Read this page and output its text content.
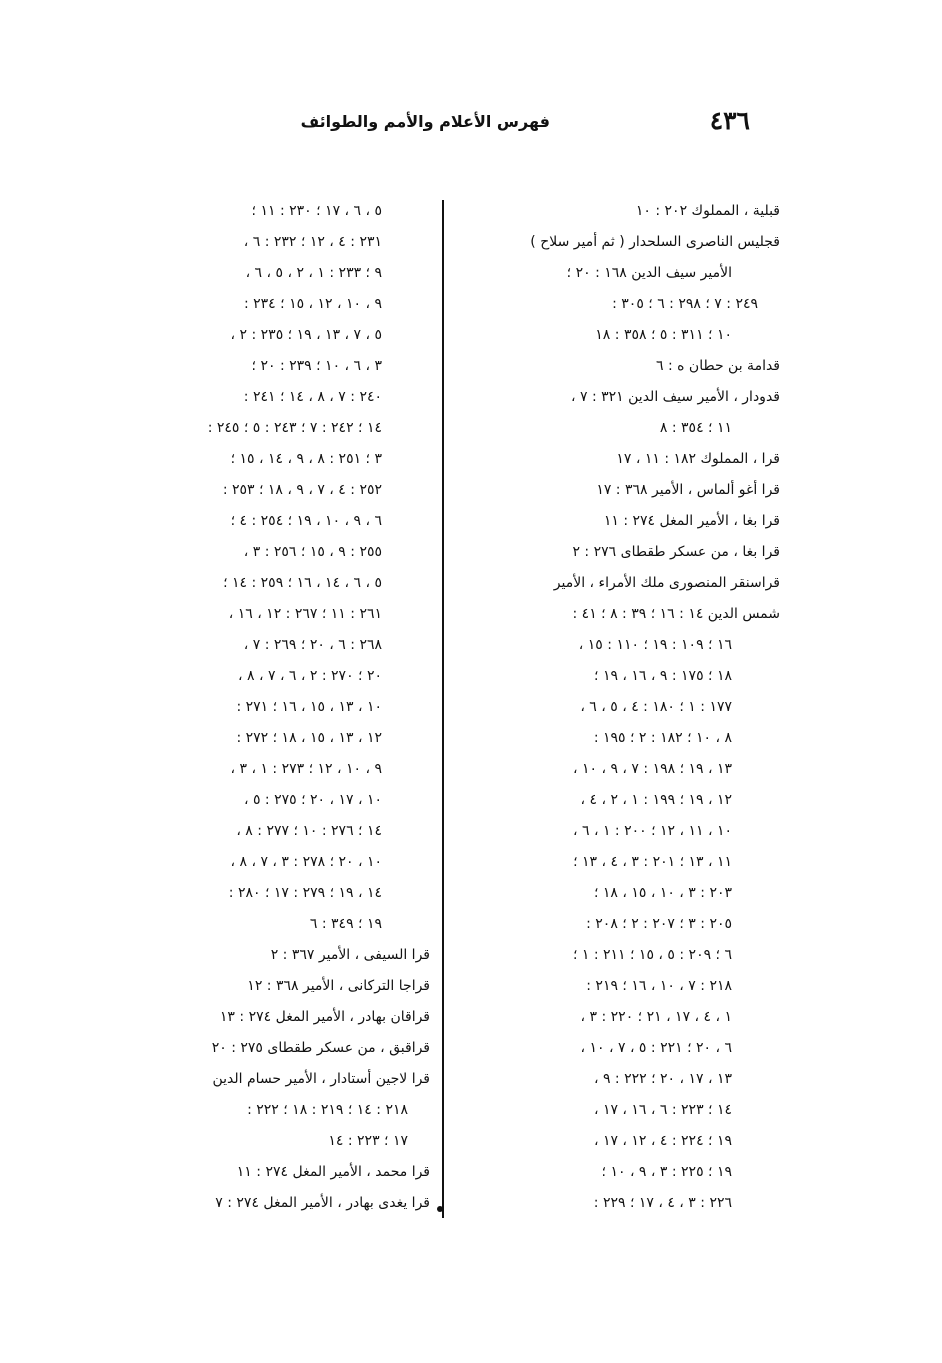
٤٣٦
فهرس الأعلام والأمم والطوائف
قبلية ، المملوك ٢٠٢ : ١٠
قجليس الناصرى السلحدار ( ثم أمير سلاح )
الأمير سيف الدين ١٦٨ : ٢٠ ؛
٢٤٩ : ٧ ؛ ٢٩٨ : ٦ ؛ ٣٠٥ :
١٠ ؛ ٣١١ : ٥ ؛ ٣٥٨ : ١٨
قدامة بن حطان ه : ٦
قدودار ، الأمير سيف الدين ٣٢١ : ٧ ،
١١ ؛ ٣٥٤ : ٨
قرا ، المملوك ١٨٢ : ١١ ، ١٧
قرا أغو ألماس ، الأمير ٣٦٨ : ١٧
قرا بغا ، الأمير المغل ٢٧٤ : ١١
قرا بغا ، من عسكر طقطاى ٢٧٦ : ٢
قراسنقر المنصورى ملك الأمراء ، الأمير
شمس الدين ١٤ : ١٦ ؛ ٣٩ : ٨ ؛ ٤١ :
١٦ ؛ ١٠٩ : ١٩ ؛ ١١٠ : ١٥ ،
١٨ ؛ ١٧٥ : ٩ ، ١٦ ، ١٩ ؛
١٧٧ : ١ ؛ ١٨٠ : ٤ ، ٥ ، ٦ ،
٨ ، ١٠ ؛ ١٨٢ : ٢ ؛ ١٩٥ :
١٣ ، ١٩ ؛ ١٩٨ : ٧ ، ٩ ، ١٠ ،
١٢ ، ١٩ ؛ ١٩٩ : ١ ، ٢ ، ٤ ،
١٠ ، ١١ ، ١٢ ؛ ٢٠٠ : ١ ، ٦ ،
١١ ، ١٣ ؛ ٢٠١ : ٣ ، ٤ ، ١٣ ؛
٢٠٣ : ٣ ، ١٠ ، ١٥ ، ١٨ ؛
٢٠٥ : ٣ ؛ ٢٠٧ : ٢ ؛ ٢٠٨ :
٦ ؛ ٢٠٩ : ٥ ، ١٥ ؛ ٢١١ : ١ ؛
٢١٨ : ٧ ، ١٠ ، ١٦ ؛ ٢١٩ :
١ ، ٤ ، ١٧ ، ٢١ ؛ ٢٢٠ : ٣ ،
٦ ، ٢٠ ؛ ٢٢١ : ٥ ، ٧ ، ١٠ ،
١٣ ، ١٧ ، ٢٠ ؛ ٢٢٢ : ٩ ،
١٤ ؛ ٢٢٣ : ٦ ، ١٦ ، ١٧ ،
١٩ ؛ ٢٢٤ : ٤ ، ١٢ ، ١٧ ،
١٩ ؛ ٢٢٥ : ٣ ، ٩ ، ١٠ ؛
٢٢٦ : ٣ ، ٤ ، ١٧ ؛ ٢٢٩ :
٥ ، ٦ ، ١٧ ؛ ٢٣٠ : ١١ ؛
٢٣١ : ٤ ، ١٢ ؛ ٢٣٢ : ٦ ،
٩ ؛ ٢٣٣ : ١ ، ٢ ، ٥ ، ٦ ،
٩ ، ١٠ ، ١٢ ، ١٥ ؛ ٢٣٤ :
٥ ، ٧ ، ١٣ ، ١٩ ؛ ٢٣٥ : ٢ ،
٣ ، ٦ ، ١٠ ؛ ٢٣٩ : ٢٠ ؛
٢٤٠ : ٧ ، ٨ ، ١٤ ؛ ٢٤١ :
١٤ ؛ ٢٤٢ : ٧ ؛ ٢٤٣ : ٥ ؛ ٢٤٥ :
٣ ؛ ٢٥١ : ٨ ، ٩ ، ١٤ ، ١٥ ؛
٢٥٢ : ٤ ، ٧ ، ٩ ، ١٨ ؛ ٢٥٣ :
٦ ، ٩ ، ١٠ ، ١٩ ؛ ٢٥٤ : ٤ ؛
٢٥٥ : ٩ ، ١٥ ؛ ٢٥٦ : ٣ ،
٥ ، ٦ ، ١٤ ، ١٦ ؛ ٢٥٩ : ١٤ ؛
٢٦١ : ١١ ؛ ٢٦٧ : ١٢ ، ١٦ ،
٢٦٨ : ٦ ، ٢٠ ؛ ٢٦٩ : ٧ ،
٢٠ ؛ ٢٧٠ : ٢ ، ٦ ، ٧ ، ٨ ،
١٠ ، ١٣ ، ١٥ ، ١٦ ؛ ٢٧١ :
١٢ ، ١٣ ، ١٥ ، ١٨ ؛ ٢٧٢ :
٩ ، ١٠ ، ١٢ ؛ ٢٧٣ : ١ ، ٣ ،
١٠ ، ١٧ ، ٢٠ ؛ ٢٧٥ : ٥ ،
١٤ ؛ ٢٧٦ : ١٠ ؛ ٢٧٧ : ٨ ،
١٠ ، ٢٠ ؛ ٢٧٨ : ٣ ، ٧ ، ٨ ،
١٤ ، ١٩ ؛ ٢٧٩ : ١٧ ؛ ٢٨٠ :
١٩ ؛ ٣٤٩ : ٦
قرا السيفى ، الأمير ٣٦٧ : ٢
قراجا التركانى ، الأمير ٣٦٨ : ١٢
قراقان بهادر ، الأمير المغل ٢٧٤ : ١٣
قراقبق ، من عسكر طقطاى ٢٧٥ : ٢٠
قرا لاجين أستادار ، الأمير حسام الدين
٢١٨ : ١٤ ؛ ٢١٩ : ١٨ ؛ ٢٢٢ :
١٧ ؛ ٢٢٣ : ١٤
قرا محمد ، الأمير المغل ٢٧٤ : ١١
قرا يغدى بهادر ، الأمير المغل ٢٧٤ : ٧
